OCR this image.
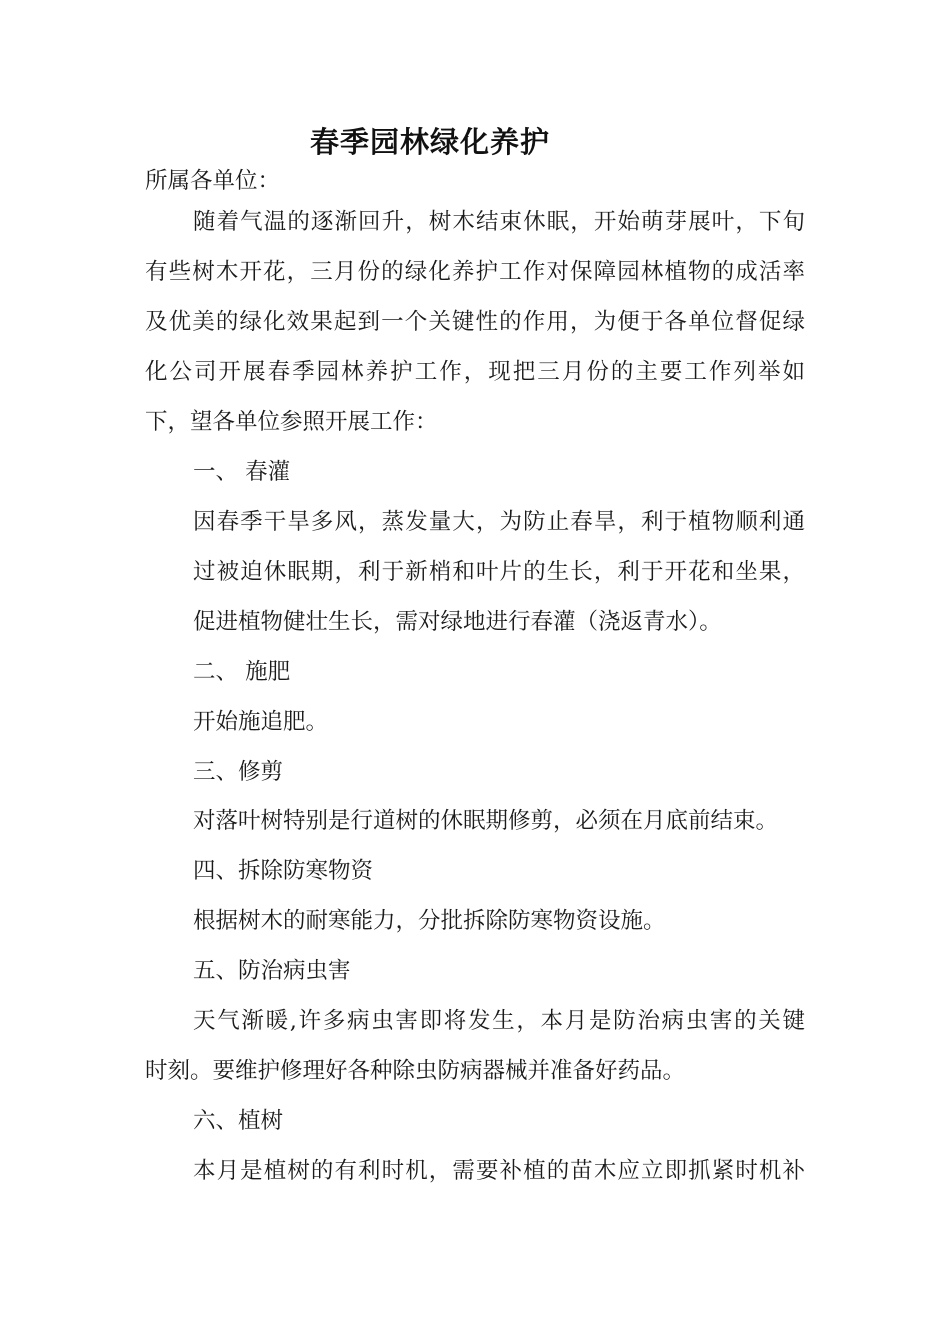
春季园林绿化养护
所属各单位：
随着气温的逐渐回升，树木结束休眠，开始萌芽展叶，下旬
有些树木开花，三月份的绿化养护工作对保障园林植物的成活率
及优美的绿化效果起到一个关键性的作用，为便于各单位督促绿
化公司开展春季园林养护工作，现把三月份的主要工作列举如
下，望各单位参照开展工作：
一、 春灌
因春季干旱多风，蒸发量大，为防止春旱，利于植物顺利通
过被迫休眠期，利于新梢和叶片的生长，利于开花和坐果，
促进植物健壮生长，需对绿地进行春灌（浇返青水）。
二、 施肥
开始施追肥。
三、修剪
对落叶树特别是行道树的休眠期修剪，必须在月底前结束。
四、拆除防寒物资
根据树木的耐寒能力，分批拆除防寒物资设施。
五、防治病虫害
天气渐暖,许多病虫害即将发生，本月是防治病虫害的关键
时刻。要维护修理好各种除虫防病器械并准备好药品。
六、植树
本月是植树的有利时机，需要补植的苗木应立即抓紧时机补
